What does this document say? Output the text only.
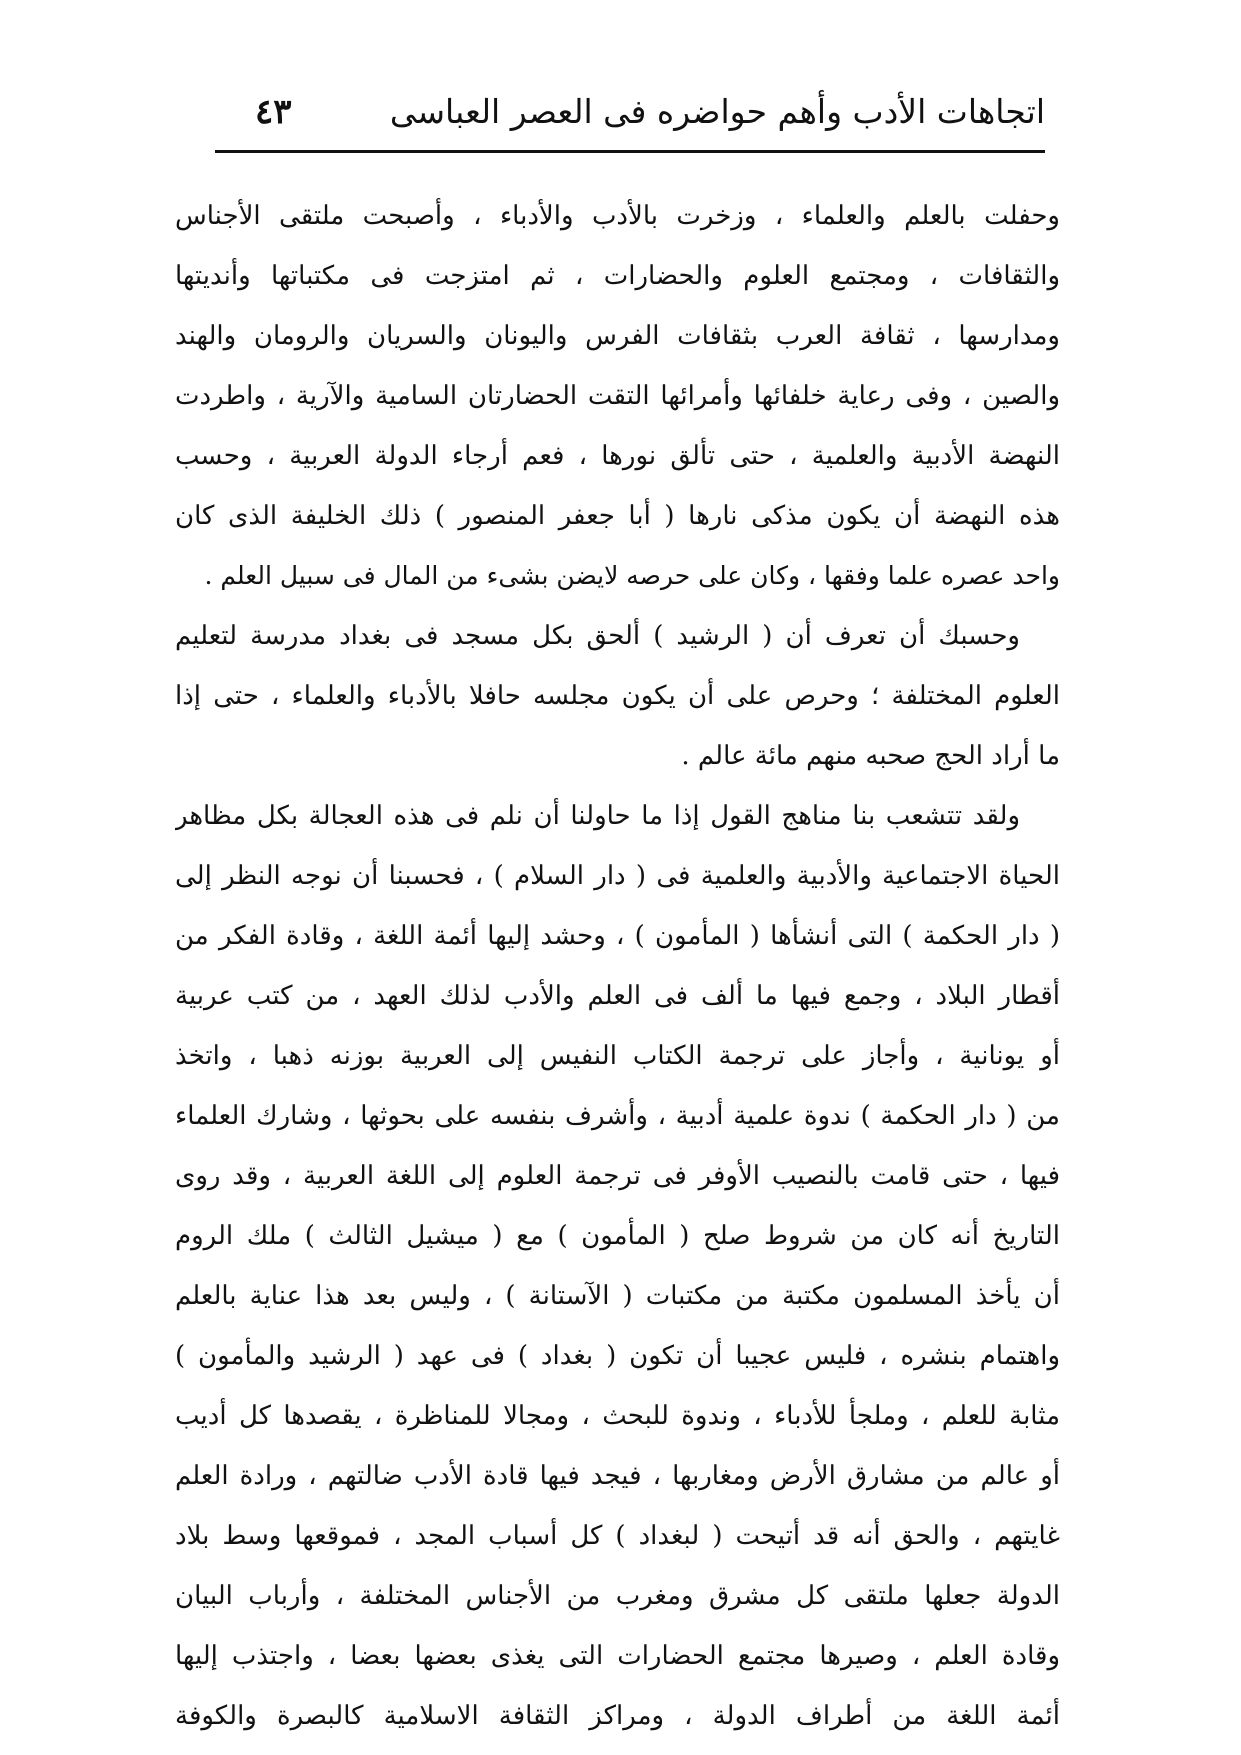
اتجاهات الأدب وأهم حواضره فى العصر العباسى
٤٣
وحفلت بالعلم والعلماء ، وزخرت بالأدب والأدباء ، وأصبحت ملتقى الأجناس
والثقافات ، ومجتمع العلوم والحضارات ، ثم امتزجت فى مكتباتها وأنديتها
ومدارسها ، ثقافة العرب بثقافات الفرس واليونان والسريان والرومان والهند
والصين ، وفى رعاية خلفائها وأمرائها التقت الحضارتان السامية والآرية ، واطردت
النهضة الأدبية والعلمية ، حتى تألق نورها ، فعم أرجاء الدولة العربية ، وحسب
هذه النهضة أن يكون مذكى نارها ( أبا جعفر المنصور ) ذلك الخليفة الذى كان
واحد عصره علما وفقها ، وكان على حرصه لايضن بشىء من المال فى سبيل العلم .
وحسبك أن تعرف أن ( الرشيد ) ألحق بكل مسجد فى بغداد مدرسة لتعليم
العلوم المختلفة ؛ وحرص على أن يكون مجلسه حافلا بالأدباء والعلماء ، حتى إذا
ما أراد الحج صحبه منهم مائة عالم .
ولقد تتشعب بنا مناهج القول إذا ما حاولنا أن نلم فى هذه العجالة بكل مظاهر
الحياة الاجتماعية والأدبية والعلمية فى ( دار السلام ) ، فحسبنا أن نوجه النظر إلى
( دار الحكمة ) التى أنشأها ( المأمون ) ، وحشد إليها أئمة اللغة ، وقادة الفكر من
أقطار البلاد ، وجمع فيها ما ألف فى العلم والأدب لذلك العهد ، من كتب عربية
أو يونانية ، وأجاز على ترجمة الكتاب النفيس إلى العربية بوزنه ذهبا ، واتخذ
من ( دار الحكمة ) ندوة علمية أدبية ، وأشرف بنفسه على بحوثها ، وشارك العلماء
فيها ، حتى قامت بالنصيب الأوفر فى ترجمة العلوم إلى اللغة العربية ، وقد روى
التاريخ أنه كان من شروط صلح ( المأمون ) مع ( ميشيل الثالث ) ملك الروم
أن يأخذ المسلمون مكتبة من مكتبات ( الآستانة ) ، وليس بعد هذا عناية بالعلم
واهتمام بنشره ، فليس عجيبا أن تكون ( بغداد ) فى عهد ( الرشيد والمأمون )
مثابة للعلم ، وملجأ للأدباء ، وندوة للبحث ، ومجالا للمناظرة ، يقصدها كل أديب
أو عالم من مشارق الأرض ومغاربها ، فيجد فيها قادة الأدب ضالتهم ، ورادة العلم
غايتهم ، والحق أنه قد أتيحت ( لبغداد ) كل أسباب المجد ، فموقعها وسط بلاد
الدولة جعلها ملتقى كل مشرق ومغرب من الأجناس المختلفة ، وأرباب البيان
وقادة العلم ، وصيرها مجتمع الحضارات التى يغذى بعضها بعضا ، واجتذب إليها
أئمة اللغة من أطراف الدولة ، ومراكز الثقافة الاسلامية كالبصرة والكوفة
